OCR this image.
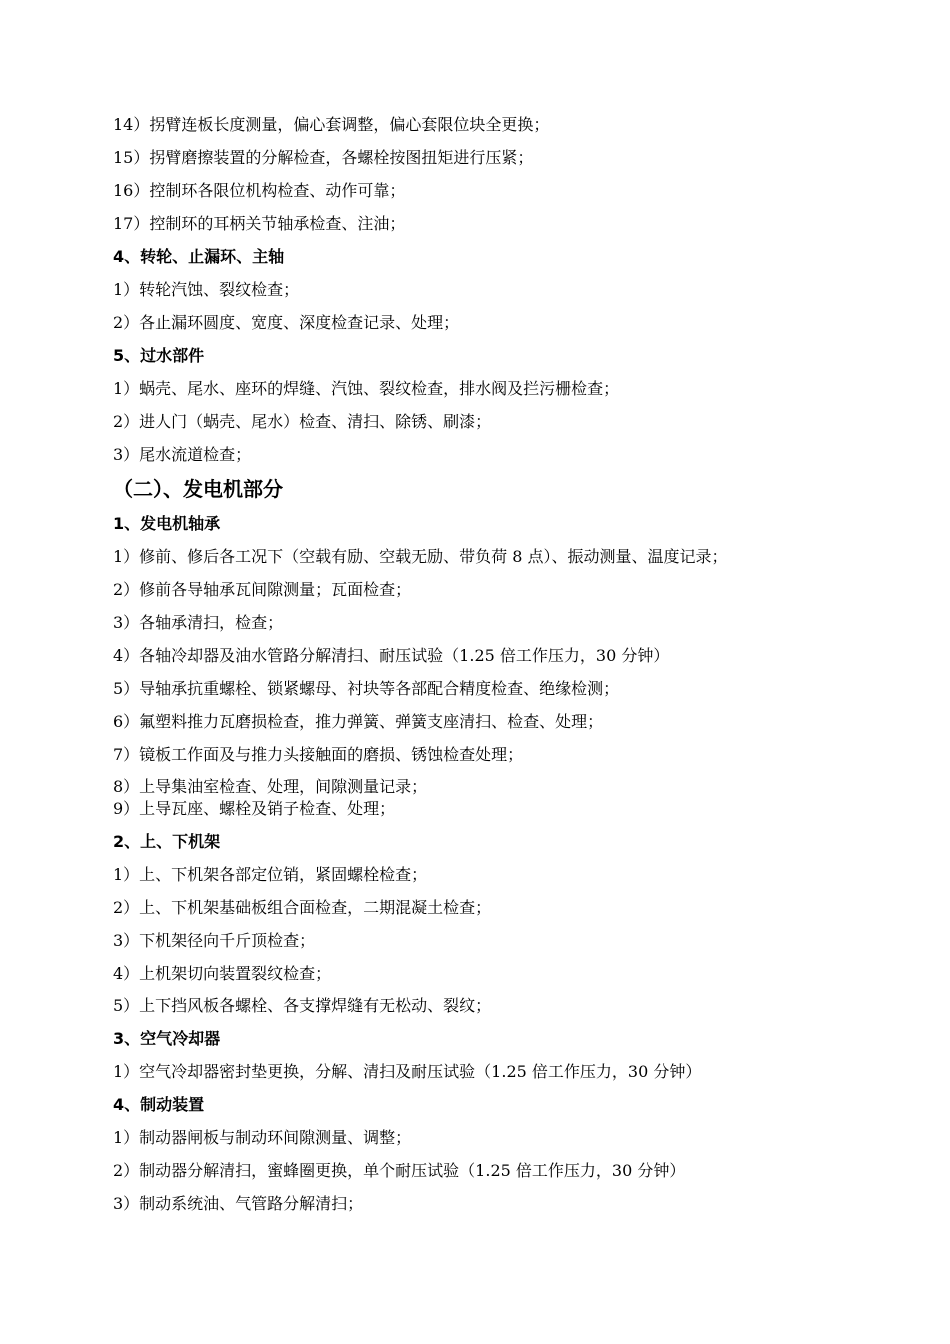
14）拐臂连板长度测量，偏心套调整，偏心套限位块全更换；
15）拐臂磨擦装置的分解检查，各螺栓按图扭矩进行压紧；
16）控制环各限位机构检查、动作可靠；
17）控制环的耳柄关节轴承检查、注油；
4、转轮、止漏环、主轴
1）转轮汽蚀、裂纹检查；
2）各止漏环圆度、宽度、深度检查记录、处理；
5、过水部件
1）蜗壳、尾水、座环的焊缝、汽蚀、裂纹检查，排水阀及拦污栅检查；
2）进人门（蜗壳、尾水）检查、清扫、除锈、刷漆；
3）尾水流道检查；
（二）、发电机部分
1、发电机轴承
1）修前、修后各工况下（空载有励、空载无励、带负荷 8 点）、振动测量、温度记录；
2）修前各导轴承瓦间隙测量；瓦面检查；
3）各轴承清扫，检查；
4）各轴冷却器及油水管路分解清扫、耐压试验（1.25 倍工作压力，30 分钟）
5）导轴承抗重螺栓、锁紧螺母、衬块等各部配合精度检查、绝缘检测；
6）氟塑料推力瓦磨损检查，推力弹簧、弹簧支座清扫、检查、处理；
7）镜板工作面及与推力头接触面的磨损、锈蚀检查处理；
8）上导集油室检查、处理，间隙测量记录；
9）上导瓦座、螺栓及销子检查、处理；
2、上、下机架
1）上、下机架各部定位销，紧固螺栓检查；
2）上、下机架基础板组合面检查，二期混凝土检查；
3）下机架径向千斤顶检查；
4）上机架切向装置裂纹检查；
5）上下挡风板各螺栓、各支撑焊缝有无松动、裂纹；
3、空气冷却器
1）空气冷却器密封垫更换，分解、清扫及耐压试验（1.25 倍工作压力，30 分钟）
4、制动装置
1）制动器闸板与制动环间隙测量、调整；
2）制动器分解清扫，蜜蜂圈更换，单个耐压试验（1.25 倍工作压力，30 分钟）
3）制动系统油、气管路分解清扫；
